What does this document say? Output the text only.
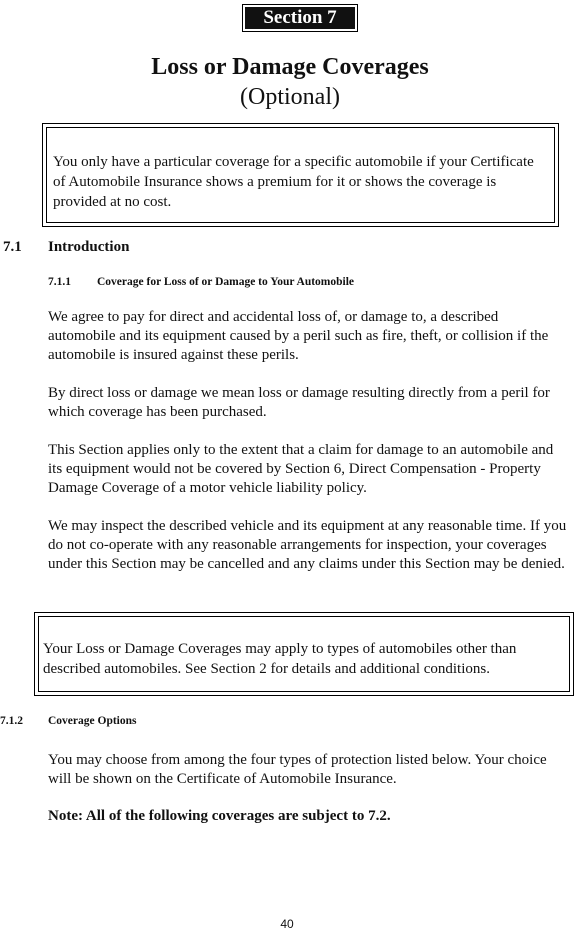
Section 7
Loss or Damage Coverages
(Optional)
You only have a particular coverage for a specific automobile if your Certificate of Automobile Insurance shows a premium for it or shows the coverage is provided at no cost.
7.1 Introduction
7.1.1 Coverage for Loss of or Damage to Your Automobile
We agree to pay for direct and accidental loss of, or damage to, a described automobile and its equipment caused by a peril such as fire, theft, or collision if the automobile is insured against these perils.
By direct loss or damage we mean loss or damage resulting directly from a peril for which coverage has been purchased.
This Section applies only to the extent that a claim for damage to an automobile and its equipment would not be covered by Section 6, Direct Compensation - Property Damage Coverage of a motor vehicle liability policy.
We may inspect the described vehicle and its equipment at any reasonable time. If you do not co-operate with any reasonable arrangements for inspection, your coverages under this Section may be cancelled and any claims under this Section may be denied.
Your Loss or Damage Coverages may apply to types of automobiles other than described automobiles. See Section 2 for details and additional conditions.
7.1.2 Coverage Options
You may choose from among the four types of protection listed below. Your choice will be shown on the Certificate of Automobile Insurance.
Note: All of the following coverages are subject to 7.2.
40
